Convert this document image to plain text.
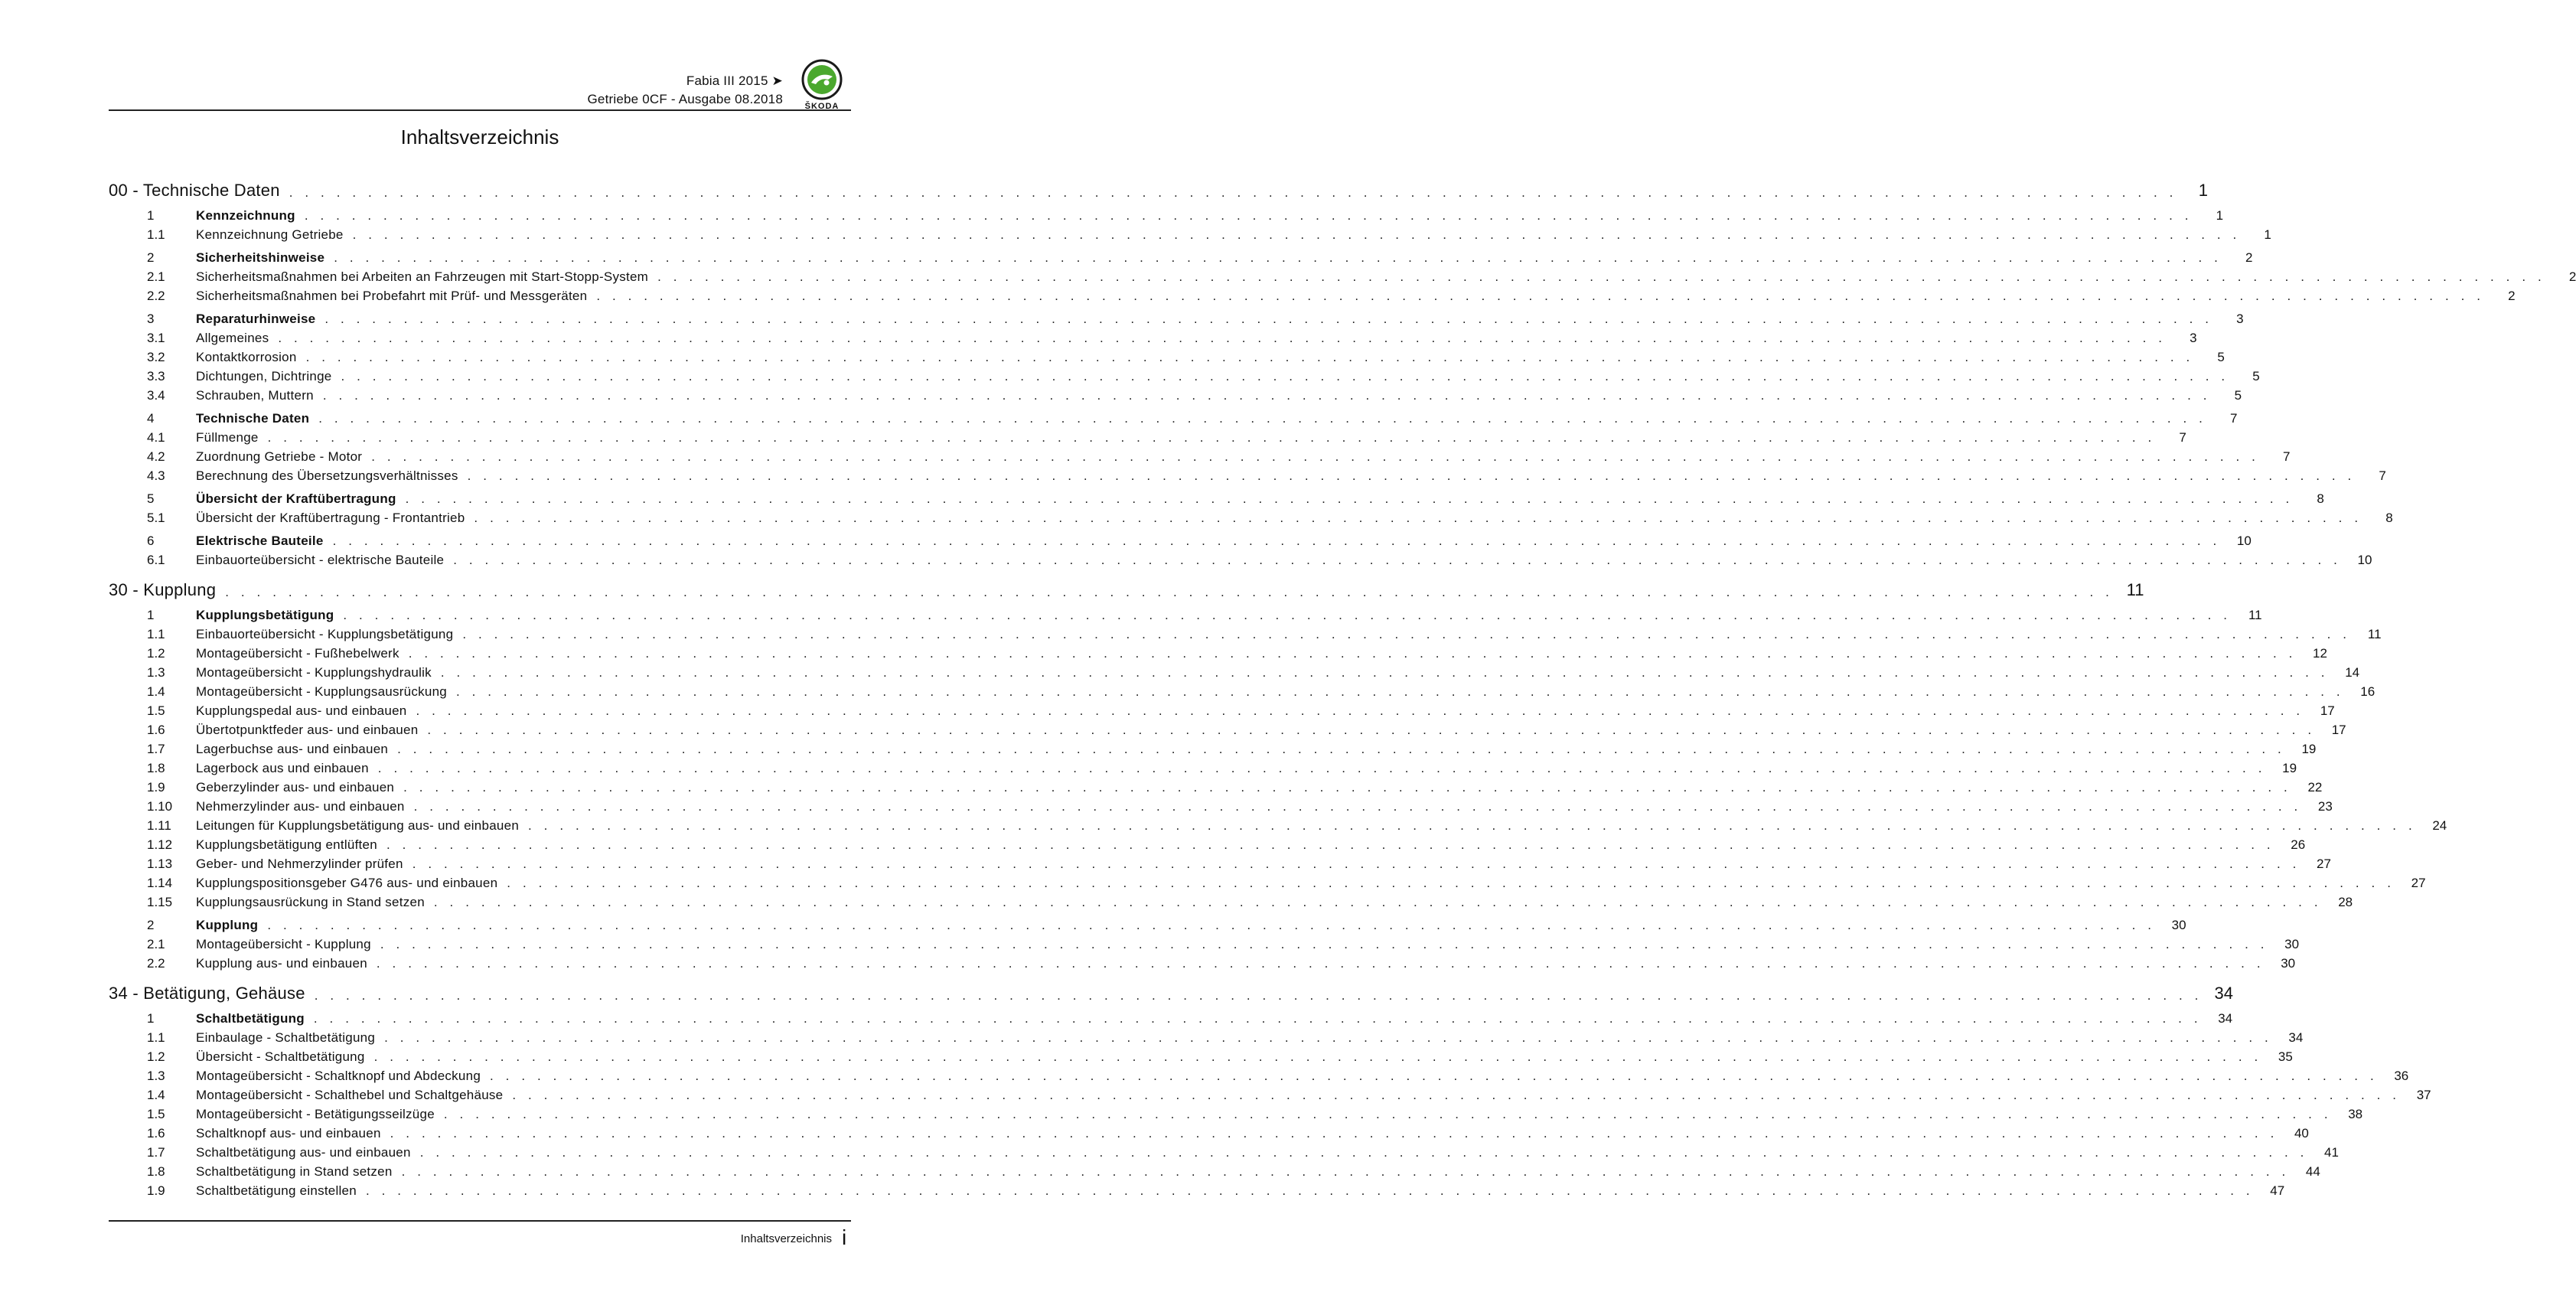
Fabia III 2015 ➤
Getriebe 0CF - Ausgabe 08.2018	ŠKODA
Inhaltsverzeichnis
00 - Technische Daten . . . . . . . . . . . . . . . . . . . . . . . . . . . . . . . . . . . . . . . . . . . . . . . . . . . . . . . . . . . . . . . . . . . . . . . . . . . . . . . . . . . . . . . . . . . . . . . . . . . . . . . . . . . . . . . . . . . . . . . .	1
1	Kennzeichnung . . . . . . . . . . . . . . . . . . . . . . . . . . . . . . . . . . . . . . . . . . . . . . . . . . . . . . . . . . . . . . . . . . . . . . . . . . . . . . . . . . . . . . . . . . . . . . . . . . . . . . . . . . . . . . . . . . . . . . . .	1
1.1	Kennzeichnung Getriebe . . . . . . . . . . . . . . . . . . . . . . . . . . . . . . . . . . . . . . . . . . . . . . . . . . . . . . . . . . . . . . . . . . . . . . . . . . . . . . . . . . . . . . . . . . . . . . . . . . . . . . . . . . . . . . . . . . . . . . . .	1
2	Sicherheitshinweise . . . . . . . . . . . . . . . . . . . . . . . . . . . . . . . . . . . . . . . . . . . . . . . . . . . . . . . . . . . . . . . . . . . . . . . . . . . . . . . . . . . . . . . . . . . . . . . . . . . . . . . . . . . . . . . . . . . . . . . .	2
2.1	Sicherheitsmaßnahmen bei Arbeiten an Fahrzeugen mit Start-Stopp-System . . . . . . . . . . . . . . . . . . . . . . . . . . . . . . . . . . . . . . . . . . . . . . . . . . . . . . . . . . . . . . . . . . . . . . . . . . . . . . . . . . . . . . . . . . . . . . . . . . . . . . . . . . . . . . . . . . . . . . . .	2
2.2	Sicherheitsmaßnahmen bei Probefahrt mit Prüf- und Messgeräten . . . . . . . . . . . . . . . . . . . . . . . . . . . . . . . . . . . . . . . . . . . . . . . . . . . . . . . . . . . . . . . . . . . . . . . . . . . . . . . . . . . . . . . . . . . . . . . . . . . . . . . . . . . . . . . . . . . . . . . .	2
3	Reparaturhinweise . . . . . . . . . . . . . . . . . . . . . . . . . . . . . . . . . . . . . . . . . . . . . . . . . . . . . . . . . . . . . . . . . . . . . . . . . . . . . . . . . . . . . . . . . . . . . . . . . . . . . . . . . . . . . . . . . . . . . . . .	3
3.1	Allgemeines . . . . . . . . . . . . . . . . . . . . . . . . . . . . . . . . . . . . . . . . . . . . . . . . . . . . . . . . . . . . . . . . . . . . . . . . . . . . . . . . . . . . . . . . . . . . . . . . . . . . . . . . . . . . . . . . . . . . . . . .	3
3.2	Kontaktkorrosion . . . . . . . . . . . . . . . . . . . . . . . . . . . . . . . . . . . . . . . . . . . . . . . . . . . . . . . . . . . . . . . . . . . . . . . . . . . . . . . . . . . . . . . . . . . . . . . . . . . . . . . . . . . . . . . . . . . . . . . .	5
3.3	Dichtungen, Dichtringe . . . . . . . . . . . . . . . . . . . . . . . . . . . . . . . . . . . . . . . . . . . . . . . . . . . . . . . . . . . . . . . . . . . . . . . . . . . . . . . . . . . . . . . . . . . . . . . . . . . . . . . . . . . . . . . . . . . . . . . .	5
3.4	Schrauben, Muttern . . . . . . . . . . . . . . . . . . . . . . . . . . . . . . . . . . . . . . . . . . . . . . . . . . . . . . . . . . . . . . . . . . . . . . . . . . . . . . . . . . . . . . . . . . . . . . . . . . . . . . . . . . . . . . . . . . . . . . . .	5
4	Technische Daten . . . . . . . . . . . . . . . . . . . . . . . . . . . . . . . . . . . . . . . . . . . . . . . . . . . . . . . . . . . . . . . . . . . . . . . . . . . . . . . . . . . . . . . . . . . . . . . . . . . . . . . . . . . . . . . . . . . . . . . .	7
4.1	Füllmenge . . . . . . . . . . . . . . . . . . . . . . . . . . . . . . . . . . . . . . . . . . . . . . . . . . . . . . . . . . . . . . . . . . . . . . . . . . . . . . . . . . . . . . . . . . . . . . . . . . . . . . . . . . . . . . . . . . . . . . . .	7
4.2	Zuordnung Getriebe - Motor . . . . . . . . . . . . . . . . . . . . . . . . . . . . . . . . . . . . . . . . . . . . . . . . . . . . . . . . . . . . . . . . . . . . . . . . . . . . . . . . . . . . . . . . . . . . . . . . . . . . . . . . . . . . . . . . . . . . . . . .	7
4.3	Berechnung des Übersetzungsverhältnisses . . . . . . . . . . . . . . . . . . . . . . . . . . . . . . . . . . . . . . . . . . . . . . . . . . . . . . . . . . . . . . . . . . . . . . . . . . . . . . . . . . . . . . . . . . . . . . . . . . . . . . . . . . . . . . . . . . . . . . . .	7
5	Übersicht der Kraftübertragung . . . . . . . . . . . . . . . . . . . . . . . . . . . . . . . . . . . . . . . . . . . . . . . . . . . . . . . . . . . . . . . . . . . . . . . . . . . . . . . . . . . . . . . . . . . . . . . . . . . . . . . . . . . . . . . . . . . . . . . .	8
5.1	Übersicht der Kraftübertragung - Frontantrieb . . . . . . . . . . . . . . . . . . . . . . . . . . . . . . . . . . . . . . . . . . . . . . . . . . . . . . . . . . . . . . . . . . . . . . . . . . . . . . . . . . . . . . . . . . . . . . . . . . . . . . . . . . . . . . . . . . . . . . . .	8
6	Elektrische Bauteile . . . . . . . . . . . . . . . . . . . . . . . . . . . . . . . . . . . . . . . . . . . . . . . . . . . . . . . . . . . . . . . . . . . . . . . . . . . . . . . . . . . . . . . . . . . . . . . . . . . . . . . . . . . . . . . . . . . . . . . .	10
6.1	Einbauorteübersicht - elektrische Bauteile . . . . . . . . . . . . . . . . . . . . . . . . . . . . . . . . . . . . . . . . . . . . . . . . . . . . . . . . . . . . . . . . . . . . . . . . . . . . . . . . . . . . . . . . . . . . . . . . . . . . . . . . . . . . . . . . . . . . . . . .	10
30 - Kupplung . . . . . . . . . . . . . . . . . . . . . . . . . . . . . . . . . . . . . . . . . . . . . . . . . . . . . . . . . . . . . . . . . . . . . . . . . . . . . . . . . . . . . . . . . . . . . . . . . . . . . . . . . . . . . . . . . . . . . . . . 11
1	Kupplungsbetätigung . . . . . . . . . . . . . . . . . . . . . . . . . . . . . . . . . . . . . . . . . . . . . . . . . . . . . . . . . . . . . . . . . . . . . . . . . . . . . . . . . . . . . . . . . . . . . . . . . . . . . . . . . . . . . . . . . . . . . . . .	11
1.1	Einbauorteübersicht - Kupplungsbetätigung . . . . . . . . . . . . . . . . . . . . . . . . . . . . . . . . . . . . . . . . . . . . . . . . . . . . . . . . . . . . . . . . . . . . . . . . . . . . . . . . . . . . . . . . . . . . . . . . . . . . . . . . . . . . . . . . . . . . . . . .	11
1.2	Montageübersicht - Fußhebelwerk . . . . . . . . . . . . . . . . . . . . . . . . . . . . . . . . . . . . . . . . . . . . . . . . . . . . . . . . . . . . . . . . . . . . . . . . . . . . . . . . . . . . . . . . . . . . . . . . . . . . . . . . . . . . . . . . . . . . . . . .	12
1.3	Montageübersicht - Kupplungshydraulik . . . . . . . . . . . . . . . . . . . . . . . . . . . . . . . . . . . . . . . . . . . . . . . . . . . . . . . . . . . . . . . . . . . . . . . . . . . . . . . . . . . . . . . . . . . . . . . . . . . . . . . . . . . . . . . . . . . . . . . .	14
1.4	Montageübersicht - Kupplungsausrückung . . . . . . . . . . . . . . . . . . . . . . . . . . . . . . . . . . . . . . . . . . . . . . . . . . . . . . . . . . . . . . . . . . . . . . . . . . . . . . . . . . . . . . . . . . . . . . . . . . . . . . . . . . . . . . . . . . . . . . . .	16
1.5	Kupplungspedal aus- und einbauen . . . . . . . . . . . . . . . . . . . . . . . . . . . . . . . . . . . . . . . . . . . . . . . . . . . . . . . . . . . . . . . . . . . . . . . . . . . . . . . . . . . . . . . . . . . . . . . . . . . . . . . . . . . . . . . . . . . . . . . .	17
1.6	Übertotpunktfeder aus- und einbauen . . . . . . . . . . . . . . . . . . . . . . . . . . . . . . . . . . . . . . . . . . . . . . . . . . . . . . . . . . . . . . . . . . . . . . . . . . . . . . . . . . . . . . . . . . . . . . . . . . . . . . . . . . . . . . . . . . . . . . . .	17
1.7	Lagerbuchse aus- und einbauen . . . . . . . . . . . . . . . . . . . . . . . . . . . . . . . . . . . . . . . . . . . . . . . . . . . . . . . . . . . . . . . . . . . . . . . . . . . . . . . . . . . . . . . . . . . . . . . . . . . . . . . . . . . . . . . . . . . . . . . .	19
1.8	Lagerbock aus und einbauen . . . . . . . . . . . . . . . . . . . . . . . . . . . . . . . . . . . . . . . . . . . . . . . . . . . . . . . . . . . . . . . . . . . . . . . . . . . . . . . . . . . . . . . . . . . . . . . . . . . . . . . . . . . . . . . . . . . . . . . .	19
1.9	Geberzylinder aus- und einbauen . . . . . . . . . . . . . . . . . . . . . . . . . . . . . . . . . . . . . . . . . . . . . . . . . . . . . . . . . . . . . . . . . . . . . . . . . . . . . . . . . . . . . . . . . . . . . . . . . . . . . . . . . . . . . . . . . . . . . . . .	22
1.10	Nehmerzylinder aus- und einbauen . . . . . . . . . . . . . . . . . . . . . . . . . . . . . . . . . . . . . . . . . . . . . . . . . . . . . . . . . . . . . . . . . . . . . . . . . . . . . . . . . . . . . . . . . . . . . . . . . . . . . . . . . . . . . . . . . . . . . . . .	23
1.11	Leitungen für Kupplungsbetätigung aus- und einbauen . . . . . . . . . . . . . . . . . . . . . . . . . . . . . . . . . . . . . . . . . . . . . . . . . . . . . . . . . . . . . . . . . . . . . . . . . . . . . . . . . . . . . . . . . . . . . . . . . . . . . . . . . . . . . . . . . . . . . . . .	24
1.12	Kupplungsbetätigung entlüften . . . . . . . . . . . . . . . . . . . . . . . . . . . . . . . . . . . . . . . . . . . . . . . . . . . . . . . . . . . . . . . . . . . . . . . . . . . . . . . . . . . . . . . . . . . . . . . . . . . . . . . . . . . . . . . . . . . . . . . .	26
1.13	Geber- und Nehmerzylinder prüfen . . . . . . . . . . . . . . . . . . . . . . . . . . . . . . . . . . . . . . . . . . . . . . . . . . . . . . . . . . . . . . . . . . . . . . . . . . . . . . . . . . . . . . . . . . . . . . . . . . . . . . . . . . . . . . . . . . . . . . . .	27
1.14	Kupplungspositionsgeber G476 aus- und einbauen . . . . . . . . . . . . . . . . . . . . . . . . . . . . . . . . . . . . . . . . . . . . . . . . . . . . . . . . . . . . . . . . . . . . . . . . . . . . . . . . . . . . . . . . . . . . . . . . . . . . . . . . . . . . . . . . . . . . . . . .	27
1.15	Kupplungsausrückung in Stand setzen . . . . . . . . . . . . . . . . . . . . . . . . . . . . . . . . . . . . . . . . . . . . . . . . . . . . . . . . . . . . . . . . . . . . . . . . . . . . . . . . . . . . . . . . . . . . . . . . . . . . . . . . . . . . . . . . . . . . . . . .	28
2	Kupplung . . . . . . . . . . . . . . . . . . . . . . . . . . . . . . . . . . . . . . . . . . . . . . . . . . . . . . . . . . . . . . . . . . . . . . . . . . . . . . . . . . . . . . . . . . . . . . . . . . . . . . . . . . . . . . . . . . . . . . . .	30
2.1	Montageübersicht - Kupplung . . . . . . . . . . . . . . . . . . . . . . . . . . . . . . . . . . . . . . . . . . . . . . . . . . . . . . . . . . . . . . . . . . . . . . . . . . . . . . . . . . . . . . . . . . . . . . . . . . . . . . . . . . . . . . . . . . . . . . . .	30
2.2	Kupplung aus- und einbauen . . . . . . . . . . . . . . . . . . . . . . . . . . . . . . . . . . . . . . . . . . . . . . . . . . . . . . . . . . . . . . . . . . . . . . . . . . . . . . . . . . . . . . . . . . . . . . . . . . . . . . . . . . . . . . . . . . . . . . . .	30
34 - Betätigung, Gehäuse . . . . . . . . . . . . . . . . . . . . . . . . . . . . . . . . . . . . . . . . . . . . . . . . . . . . . . . . . . . . . . . . . . . . . . . . . . . . . . . . . . . . . . . . . . . . . . . . . . . . . . . . . . . . . . . . . . . . . . . . 34
1	Schaltbetätigung . . . . . . . . . . . . . . . . . . . . . . . . . . . . . . . . . . . . . . . . . . . . . . . . . . . . . . . . . . . . . . . . . . . . . . . . . . . . . . . . . . . . . . . . . . . . . . . . . . . . . . . . . . . . . . . . . . . . . . . .	34
1.1	Einbaulage - Schaltbetätigung . . . . . . . . . . . . . . . . . . . . . . . . . . . . . . . . . . . . . . . . . . . . . . . . . . . . . . . . . . . . . . . . . . . . . . . . . . . . . . . . . . . . . . . . . . . . . . . . . . . . . . . . . . . . . . . . . . . . . . . .	34
1.2	Übersicht - Schaltbetätigung . . . . . . . . . . . . . . . . . . . . . . . . . . . . . . . . . . . . . . . . . . . . . . . . . . . . . . . . . . . . . . . . . . . . . . . . . . . . . . . . . . . . . . . . . . . . . . . . . . . . . . . . . . . . . . . . . . . . . . . .	35
1.3	Montageübersicht - Schaltknopf und Abdeckung . . . . . . . . . . . . . . . . . . . . . . . . . . . . . . . . . . . . . . . . . . . . . . . . . . . . . . . . . . . . . . . . . . . . . . . . . . . . . . . . . . . . . . . . . . . . . . . . . . . . . . . . . . . . . . . . . . . . . . . .	36
1.4	Montageübersicht - Schalthebel und Schaltgehäuse . . . . . . . . . . . . . . . . . . . . . . . . . . . . . . . . . . . . . . . . . . . . . . . . . . . . . . . . . . . . . . . . . . . . . . . . . . . . . . . . . . . . . . . . . . . . . . . . . . . . . . . . . . . . . . . . . . . . . . . .	37
1.5	Montageübersicht - Betätigungsseilzüge . . . . . . . . . . . . . . . . . . . . . . . . . . . . . . . . . . . . . . . . . . . . . . . . . . . . . . . . . . . . . . . . . . . . . . . . . . . . . . . . . . . . . . . . . . . . . . . . . . . . . . . . . . . . . . . . . . . . . . . .	38
1.6	Schaltknopf aus- und einbauen . . . . . . . . . . . . . . . . . . . . . . . . . . . . . . . . . . . . . . . . . . . . . . . . . . . . . . . . . . . . . . . . . . . . . . . . . . . . . . . . . . . . . . . . . . . . . . . . . . . . . . . . . . . . . . . . . . . . . . . .	40
1.7	Schaltbetätigung aus- und einbauen . . . . . . . . . . . . . . . . . . . . . . . . . . . . . . . . . . . . . . . . . . . . . . . . . . . . . . . . . . . . . . . . . . . . . . . . . . . . . . . . . . . . . . . . . . . . . . . . . . . . . . . . . . . . . . . . . . . . . . . .	41
1.8	Schaltbetätigung in Stand setzen . . . . . . . . . . . . . . . . . . . . . . . . . . . . . . . . . . . . . . . . . . . . . . . . . . . . . . . . . . . . . . . . . . . . . . . . . . . . . . . . . . . . . . . . . . . . . . . . . . . . . . . . . . . . . . . . . . . . . . . .	44
1.9	Schaltbetätigung einstellen . . . . . . . . . . . . . . . . . . . . . . . . . . . . . . . . . . . . . . . . . . . . . . . . . . . . . . . . . . . . . . . . . . . . . . . . . . . . . . . . . . . . . . . . . . . . . . . . . . . . . . . . . . . . . . . . . . . . . . . .	47
Inhaltsverzeichnis i
